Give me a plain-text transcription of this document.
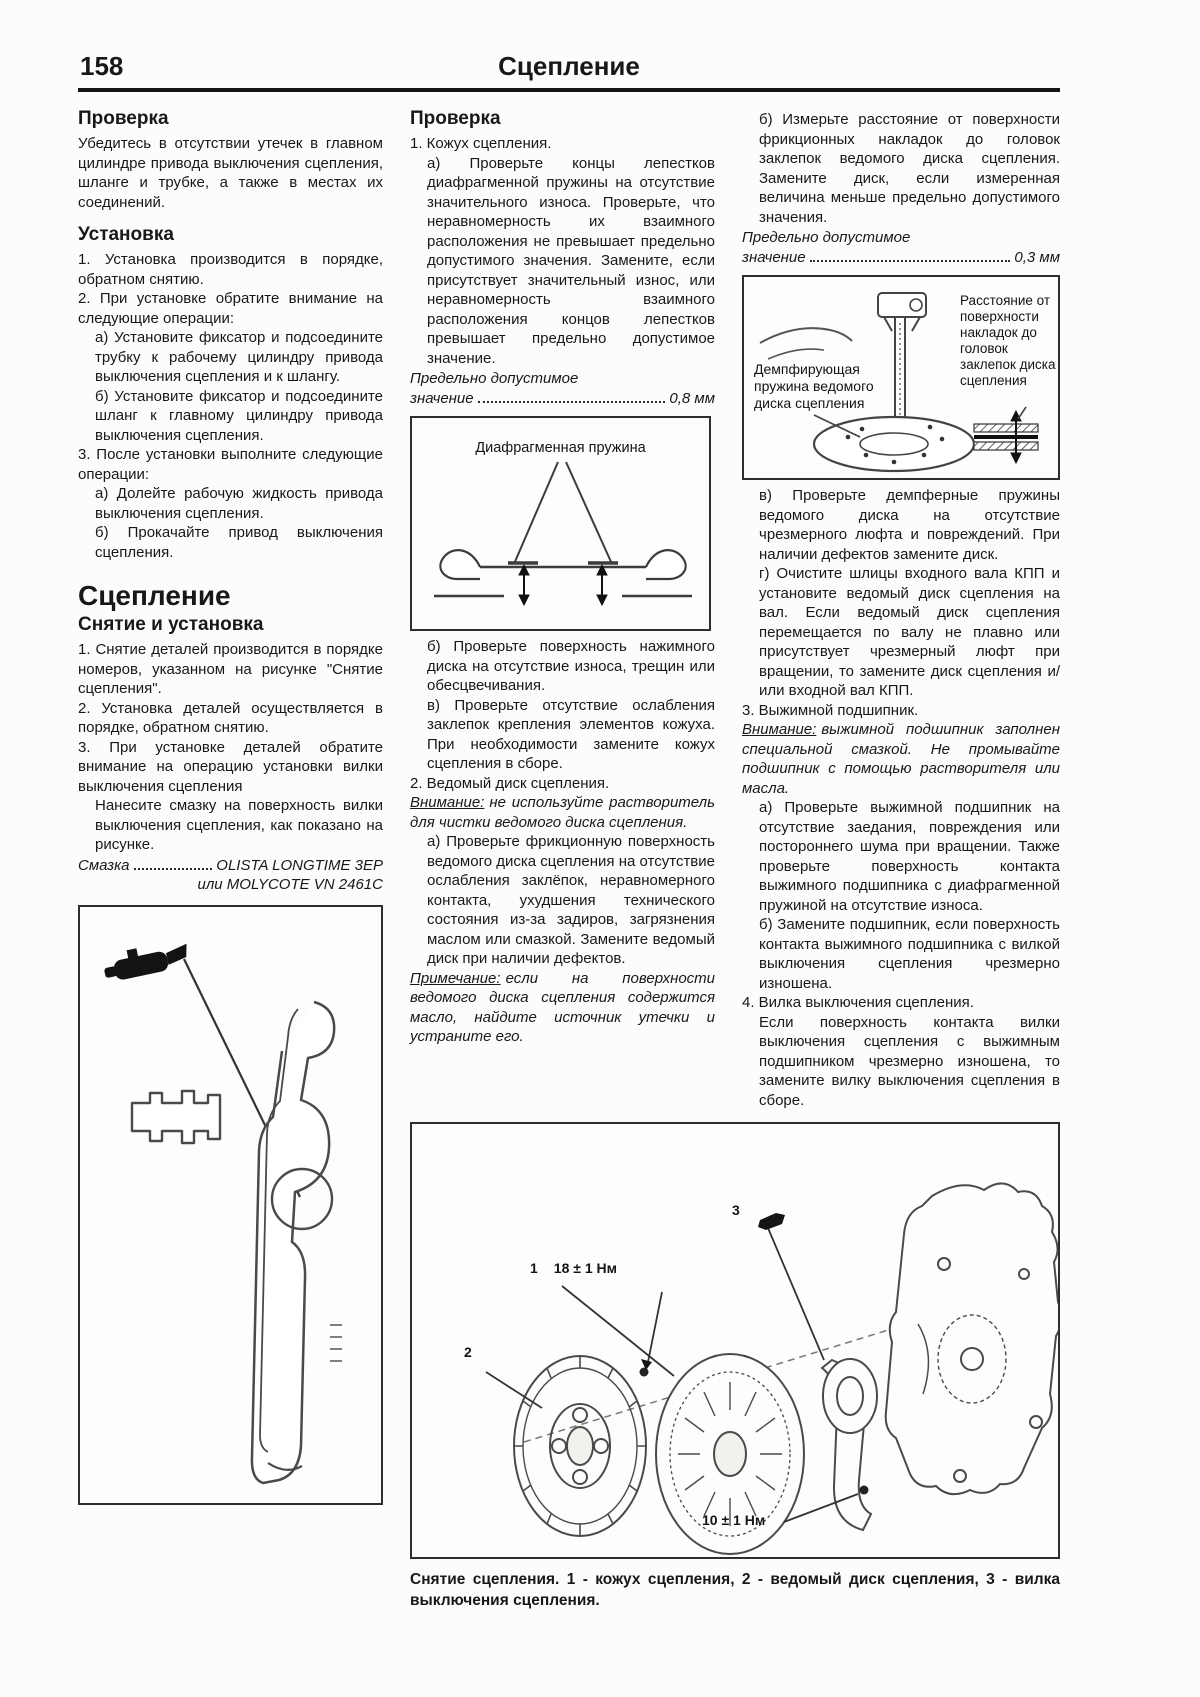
158	Сцепление
Проверка

Убедитесь в отсутствии утечек в главном цилиндре привода выключения сцепления, шланге и трубке, а также в местах их соединений.

Установка

1. Установка производится в порядке, обратном снятию.

2. При установке обратите внимание на следующие операции:

а) Установите фиксатор и подсоедините трубку к рабочему цилиндру привода выключения сцепления и к шлангу.

б) Установите фиксатор и подсоедините шланг к главному цилиндру привода выключения сцепления.

3. После установки выполните следующие операции:

а) Долейте рабочую жидкость привода выключения сцепления.

б) Прокачайте привод выключения сцепления.

Сцепление
Снятие и установка

1. Снятие деталей производится в порядке номеров, указанном на рисунке "Снятие сцепления".

2. Установка деталей осуществляется в порядке, обратном снятию.

3. При установке деталей обратите внимание на операцию установки вилки выключения сцепления

Нанесите смазку на поверхность вилки выключения сцепления, как показано на рисунке.

Смазка	OLISTA LONGTIME 3EP
или MOLYCOTE VN 2461C
Проверка

1. Кожух сцепления.

а) Проверьте концы лепестков диафрагменной пружины на отсутствие значительного износа. Проверьте, что неравномерность их взаимного расположения не превышает предельно допустимого значения. Замените, если присутствует значительный износ, или неравномерность взаимного расположения концов лепестков превышает предельно допустимое значение.

Предельно допустимое
значение	0,8 мм
Диафрагменная пружина

б) Проверьте поверхность нажимного диска на отсутствие износа, трещин или обесцвечивания.

в) Проверьте отсутствие ослабления заклепок крепления элементов кожуха. При необходимости замените кожух сцепления в сборе.

2. Ведомый диск сцепления.

Внимание: не используйте растворитель для чистки ведомого диска сцепления.

а) Проверьте фрикционную поверхность ведомого диска сцепления на отсутствие ослабления заклёпок, неравномерного контакта, ухудшения технического состояния из-за задиров, загрязнения маслом или смазкой. Замените ведомый диск при наличии дефектов.

Примечание: если на поверхности ведомого диска сцепления содержится масло, найдите источник утечки и устраните его.

б) Измерьте расстояние от поверхности фрикционных накладок до головок заклепок ведомого диска сцепления. Замените диск, если измеренная величина меньше предельно допустимого значения.

Предельно допустимое
значение	0,3 мм
Демпфирующая пружина ведомого диска сцепления
Расстояние от поверхности накладок до головок заклепок диска сцепления

в) Проверьте демпферные пружины ведомого диска на отсутствие чрезмерного люфта и повреждений. При наличии дефектов замените диск.

г) Очистите шлицы входного вала КПП и установите ведомый диск сцепления на вал. Если ведомый диск сцепления перемещается по валу не плавно или присутствует чрезмерный люфт при вращении, то замените диск сцепления и/или входной вал КПП.

3. Выжимной подшипник.

Внимание: выжимной подшипник заполнен специальной смазкой. Не промывайте подшипник с помощью растворителя или масла.

а) Проверьте выжимной подшипник на отсутствие заедания, повреждения или постороннего шума при вращении. Также проверьте поверхность контакта выжимного подшипника с диафрагменной пружиной на отсутствие износа.

б) Замените подшипник, если поверхность контакта выжимного подшипника с вилкой выключения сцепления чрезмерно изношена.

4. Вилка выключения сцепления.

Если поверхность контакта вилки выключения сцепления с выжимным подшипником чрезмерно изношена, то замените вилку выключения сцепления в сборе.

2
1 18 ± 1 Нм
3
10 ± 1 Нм

Снятие сцепления. 1 - кожух сцепления, 2 - ведомый диск сцепления, 3 - вилка выключения сцепления.
